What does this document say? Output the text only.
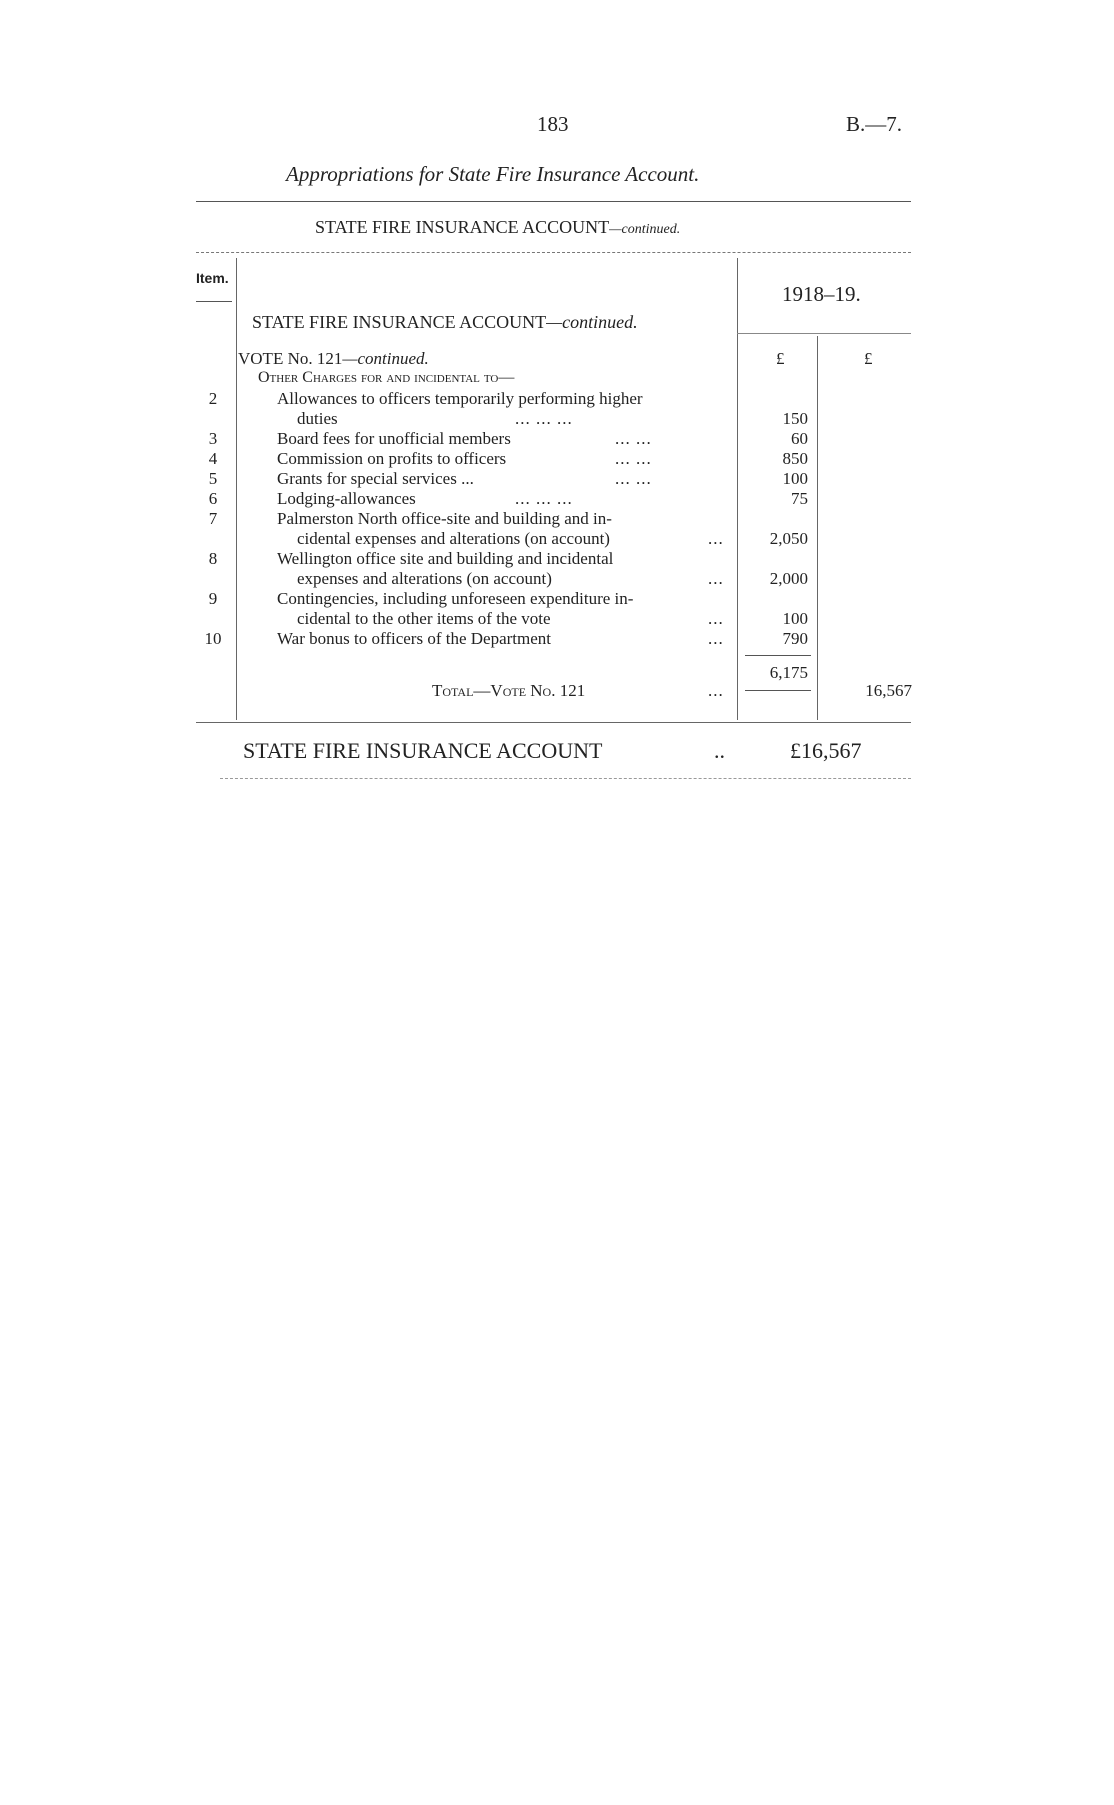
183	B.—7.
Appropriations for State Fire Insurance Account.
STATE FIRE INSURANCE ACCOUNT—continued.
Item.
1918–19.
STATE FIRE INSURANCE ACCOUNT—continued.
VOTE No. 121—continued.	£	£
Other Charges for and incidental to—
2	Allowances to officers temporarily performing higher
duties	... ... ...	150
3	Board fees for unofficial members	... ...	60
4	Commission on profits to officers	... ...	850
5	Grants for special services ...	... ...	100
6	Lodging-allowances	... ... ...	75
7	Palmerston North office-site and building and in-
cidental expenses and alterations (on account)	...	2,050
8	Wellington office site and building and incidental
expenses and alterations (on account)	...	2,000
9	Contingencies, including unforeseen expenditure in-
cidental to the other items of the vote	...	100
10	War bonus to officers of the Department	...	790
6,175
Total—Vote No. 121	...	16,567
STATE FIRE INSURANCE ACCOUNT	..	£16,567
